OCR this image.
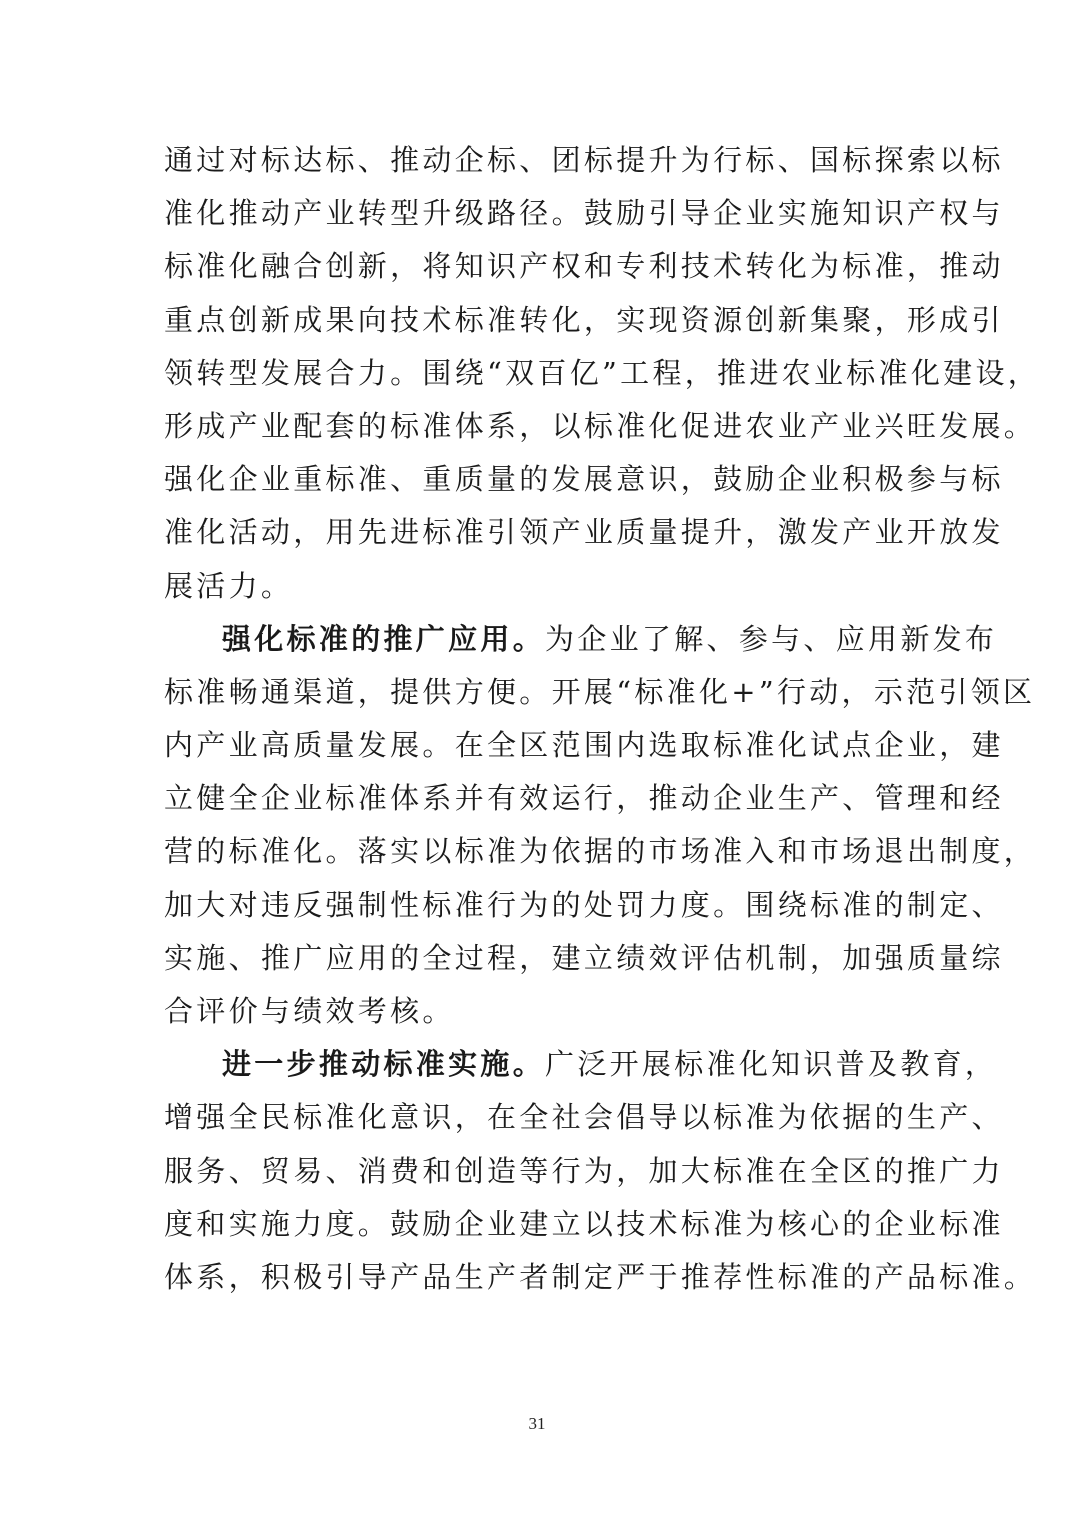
通过对标达标、推动企标、团标提升为行标、国标探索以标
准化推动产业转型升级路径。鼓励引导企业实施知识产权与
标准化融合创新，将知识产权和专利技术转化为标准，推动
重点创新成果向技术标准转化，实现资源创新集聚，形成引
领转型发展合力。围绕“双百亿”工程，推进农业标准化建设，
形成产业配套的标准体系，以标准化促进农业产业兴旺发展。
强化企业重标准、重质量的发展意识，鼓励企业积极参与标
准化活动，用先进标准引领产业质量提升，激发产业开放发
展活力。
强化标准的推广应用。为企业了解、参与、应用新发布
标准畅通渠道，提供方便。开展“标准化+”行动，示范引领区
内产业高质量发展。在全区范围内选取标准化试点企业，建
立健全企业标准体系并有效运行，推动企业生产、管理和经
营的标准化。落实以标准为依据的市场准入和市场退出制度，
加大对违反强制性标准行为的处罚力度。围绕标准的制定、
实施、推广应用的全过程，建立绩效评估机制，加强质量综
合评价与绩效考核。
进一步推动标准实施。广泛开展标准化知识普及教育，
增强全民标准化意识，在全社会倡导以标准为依据的生产、
服务、贸易、消费和创造等行为，加大标准在全区的推广力
度和实施力度。鼓励企业建立以技术标准为核心的企业标准
体系，积极引导产品生产者制定严于推荐性标准的产品标准。
31
